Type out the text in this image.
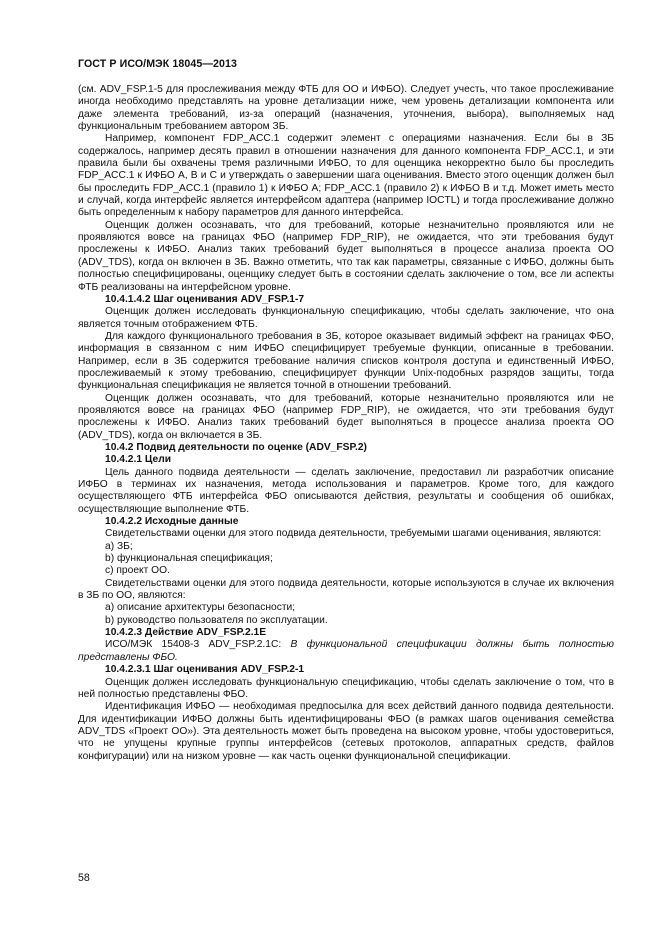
ГОСТ Р ИСО/МЭК 18045—2013

(см. ADV_FSP.1-5 для прослеживания между ФТБ для ОО и ИФБО). Следует учесть, что такое прослеживание иногда необходимо представлять на уровне детализации ниже, чем уровень детализации компонента или даже элемента требований, из-за операций (назначения, уточнения, выбора), выполняемых над функциональным требованием автором ЗБ.

Например, компонент FDP_ACC.1 содержит элемент с операциями назначения. Если бы в ЗБ содержалось, например десять правил в отношении назначения для данного компонента FDP_ACC.1, и эти правила были бы охвачены тремя различными ИФБО, то для оценщика некорректно было бы проследить FDP_ACC.1 к ИФБО A, B и C и утверждать о завершении шага оценивания. Вместо этого оценщик должен был бы проследить FDP_ACC.1 (правило 1) к ИФБО A; FDP_ACC.1 (правило 2) к ИФБО B и т.д. Может иметь место и случай, когда интерфейс является интерфейсом адаптера (например IOCTL) и тогда прослеживание должно быть определенным к набору параметров для данного интерфейса.

Оценщик должен осознавать, что для требований, которые незначительно проявляются или не проявляются вовсе на границах ФБО (например FDP_RIP), не ожидается, что эти требования будут прослежены к ИФБО. Анализ таких требований будет выполняться в процессе анализа проекта ОО (ADV_TDS), когда он включен в ЗБ. Важно отметить, что так как параметры, связанные с ИФБО, должны быть полностью специфицированы, оценщику следует быть в состоянии сделать заключение о том, все ли аспекты ФТБ реализованы на интерфейсном уровне.

10.4.1.4.2 Шаг оценивания ADV_FSP.1-7

Оценщик должен исследовать функциональную спецификацию, чтобы сделать заключение, что она является точным отображением ФТБ.

Для каждого функционального требования в ЗБ, которое оказывает видимый эффект на границах ФБО, информация в связанном с ним ИФБО специфицирует требуемые функции, описанные в требовании. Например, если в ЗБ содержится требование наличия списков контроля доступа и единственный ИФБО, прослеживаемый к этому требованию, специфицирует функции Unix-подобных разрядов защиты, тогда функциональная спецификация не является точной в отношении требований.

Оценщик должен осознавать, что для требований, которые незначительно проявляются или не проявляются вовсе на границах ФБО (например FDP_RIP), не ожидается, что эти требования будут прослежены к ИФБО. Анализ таких требований будет выполняться в процессе анализа проекта ОО (ADV_TDS), когда он включается в ЗБ.

10.4.2 Подвид деятельности по оценке (ADV_FSP.2)
10.4.2.1 Цели

Цель данного подвида деятельности — сделать заключение, предоставил ли разработчик описание ИФБО в терминах их назначения, метода использования и параметров. Кроме того, для каждого осуществляющего ФТБ интерфейса ФБО описываются действия, результаты и сообщения об ошибках, осуществляющие выполнение ФТБ.

10.4.2.2 Исходные данные

Свидетельствами оценки для этого подвида деятельности, требуемыми шагами оценивания, являются:

a) ЗБ;
b) функциональная спецификация;
c) проект ОО.

Свидетельствами оценки для этого подвида деятельности, которые используются в случае их включения в ЗБ по ОО, являются:

a) описание архитектуры безопасности;
b) руководство пользователя по эксплуатации.
10.4.2.3 Действие ADV_FSP.2.1E

ИСО/МЭК 15408-3 ADV_FSP.2.1C: В функциональной спецификации должны быть полностью представлены ФБО.

10.4.2.3.1 Шаг оценивания ADV_FSP.2-1

Оценщик должен исследовать функциональную спецификацию, чтобы сделать заключение о том, что в ней полностью представлены ФБО.

Идентификация ИФБО — необходимая предпосылка для всех действий данного подвида деятельности. Для идентификации ИФБО должны быть идентифицированы ФБО (в рамках шагов оценивания семейства ADV_TDS «Проект ОО»). Эта деятельность может быть проведена на высоком уровне, чтобы удостовериться, что не упущены крупные группы интерфейсов (сетевых протоколов, аппаратных средств, файлов конфигурации) или на низком уровне — как часть оценки функциональной спецификации.

58
